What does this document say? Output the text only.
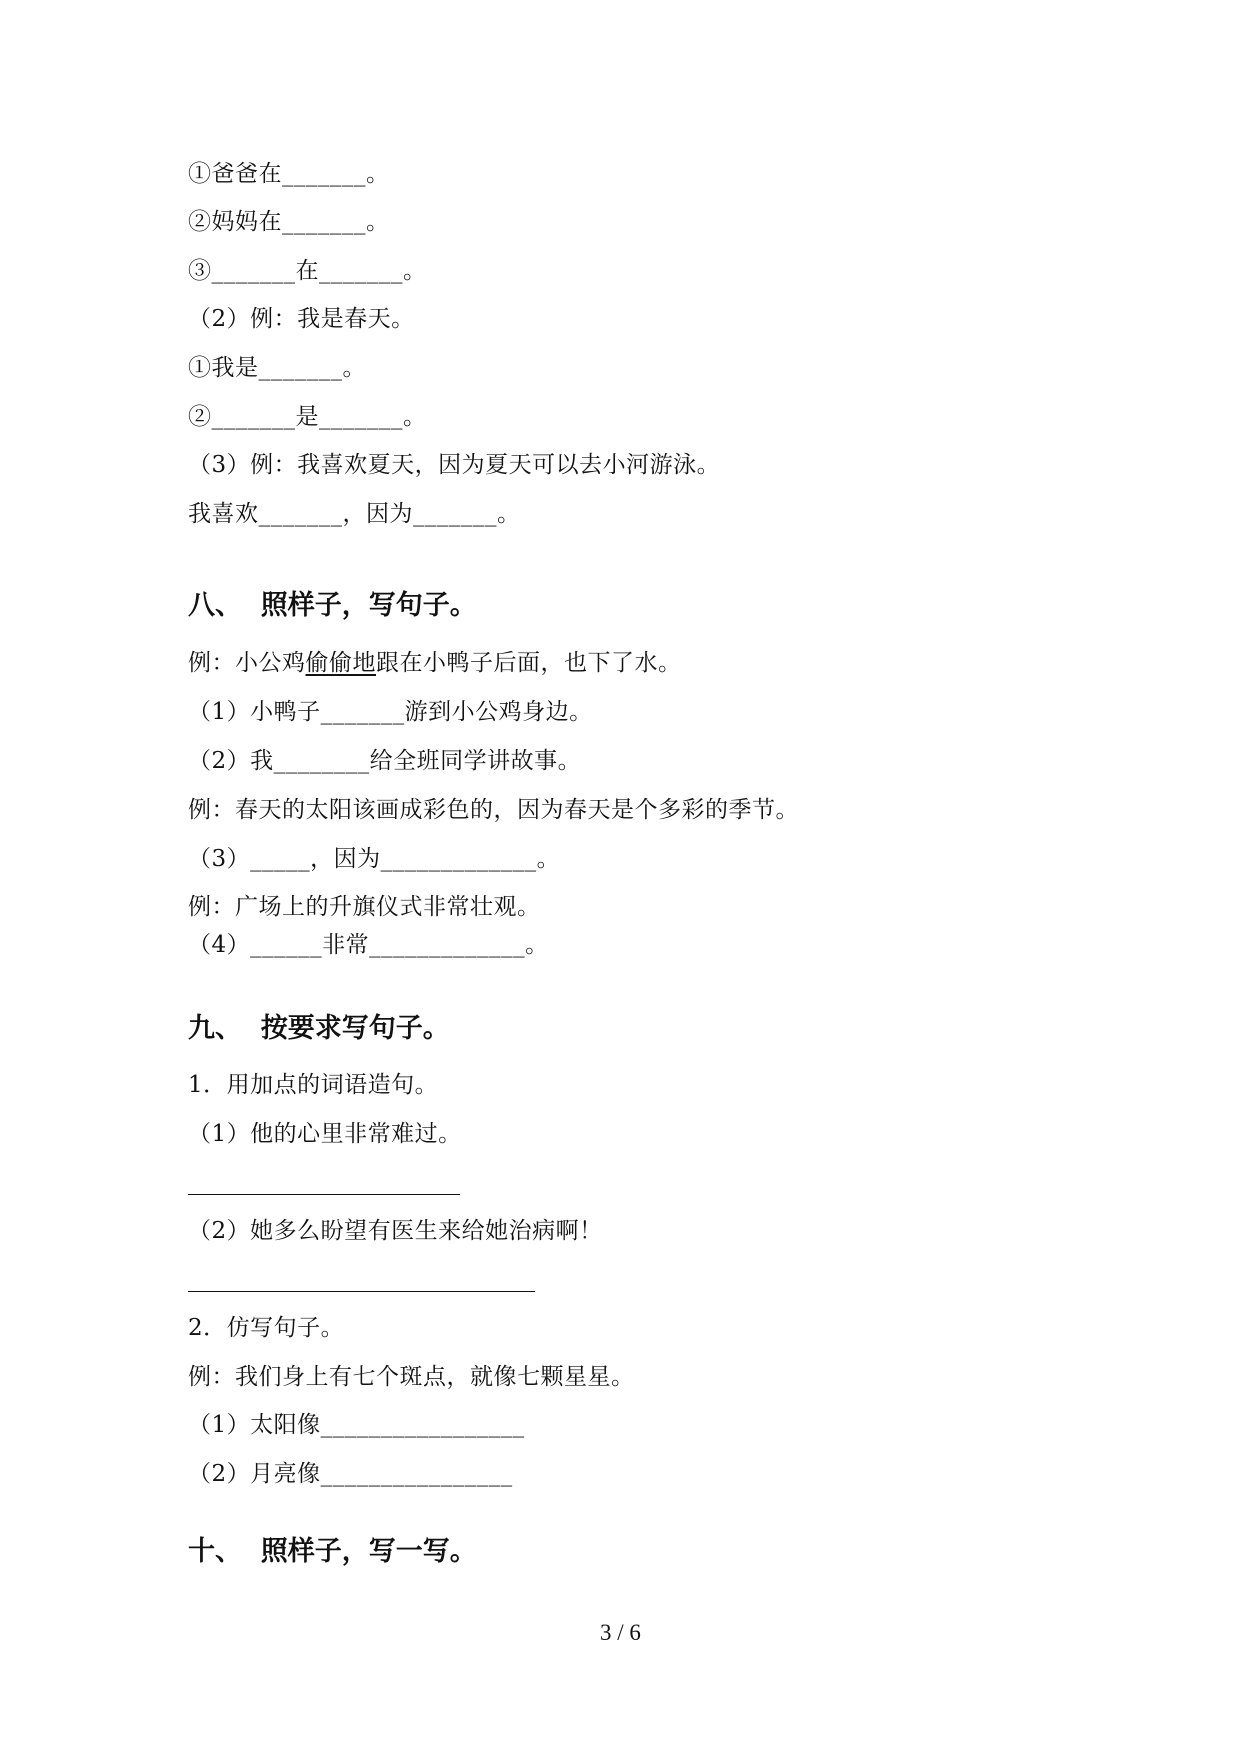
①爸爸在_______。
②妈妈在_______。
③_______在_______。
（2）例：我是春天。
①我是_______。
②_______是_______。
（3）例：我喜欢夏天，因为夏天可以去小河游泳。
我喜欢_______，因为_______。
八、  照样子，写句子。
例：小公鸡偷偷地跟在小鸭子后面，也下了水。
（1）小鸭子_______游到小公鸡身边。
（2）我________给全班同学讲故事。
例：春天的太阳该画成彩色的，因为春天是个多彩的季节。
（3）_____，因为_____________。
例：广场上的升旗仪式非常壮观。
（4）______非常_____________。
九、  按要求写句子。
1．用加点的词语造句。
（1）他的心里非常难过。
（2）她多么盼望有医生来给她治病啊！
2．仿写句子。
例：我们身上有七个斑点，就像七颗星星。
（1）太阳像_________________
（2）月亮像________________
十、  照样子，写一写。
3 / 6
